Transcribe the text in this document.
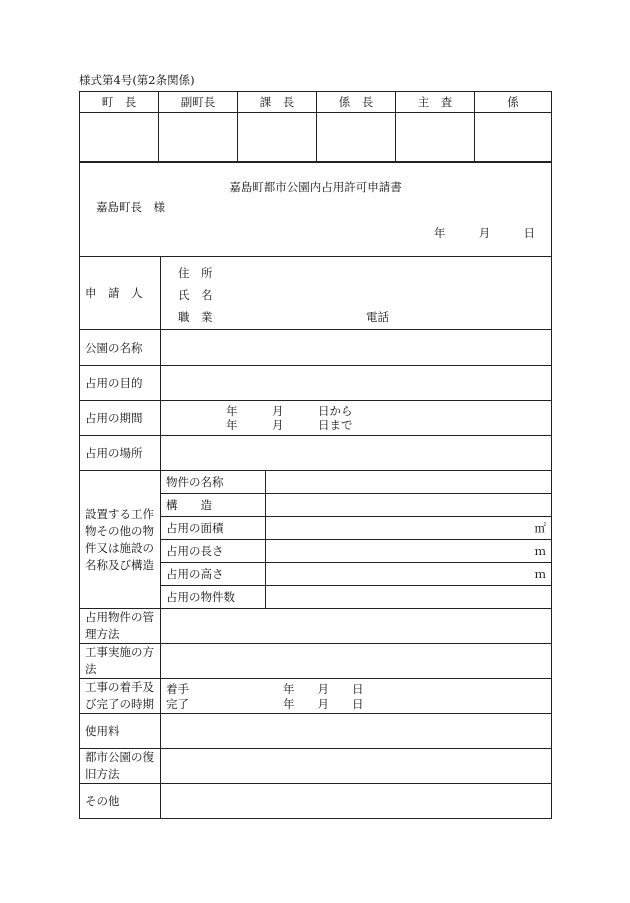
様式第4号(第2条関係)
町　長	副町長	課　長	係　長	主　査	係

嘉島町都市公園内占用許可申請書
嘉島町長　様
年 月 日		

申　請　人	住　所
氏　名
職　業 電話	

公園の名称		
占用の目的		
占用の期間	年　　　月　　　日から
年　　　月　　　日まで	

占用の場所		
設置する工作物その他の物件又は施設の名称及び構造	物件の名称	
	構　　造	
	占用の面積	㎡
	占用の長さ	ｍ
	占用の高さ	ｍ
	占用の物件数	
占用物件の管理方法		
工事実施の方法		
工事の着手及び完了の時期	着手 年　　月　　日
完了 年　　月　　日	

使用料		
都市公園の復旧方法		
その他		
